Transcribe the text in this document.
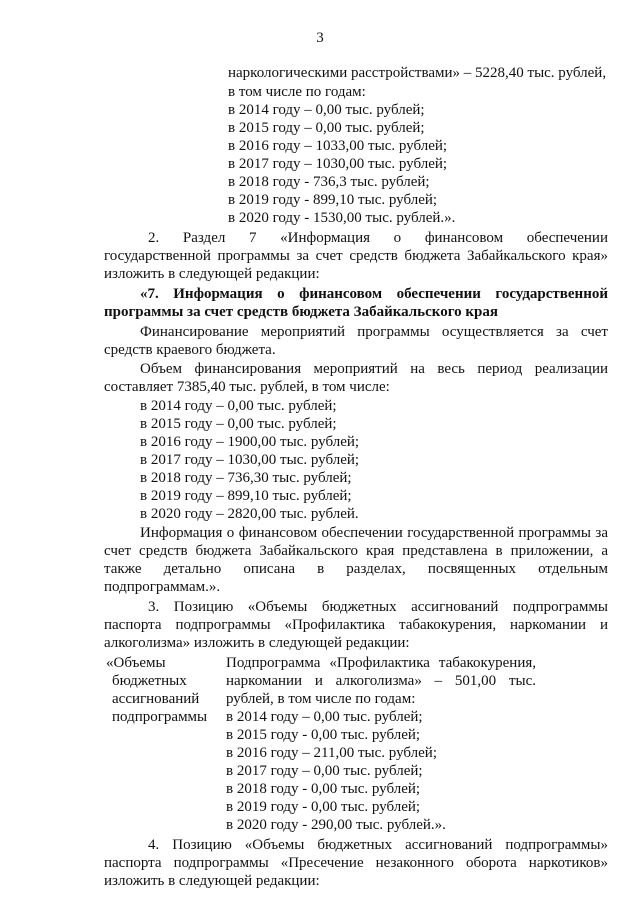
3
наркологическими расстройствами» – 5228,40 тыс. рублей,
в том числе по годам:
в 2014 году – 0,00 тыс. рублей;
в 2015 году – 0,00 тыс. рублей;
в 2016 году – 1033,00 тыс. рублей;
в 2017 году – 1030,00 тыс. рублей;
в 2018 году - 736,3 тыс. рублей;
в 2019 году - 899,10 тыс. рублей;
в 2020 году - 1530,00 тыс. рублей.».
2. Раздел 7 «Информация о финансовом обеспечении
государственной программы за счет средств бюджета Забайкальского края»
изложить в следующей редакции:
«7. Информация о финансовом обеспечении государственной
программы за счет средств бюджета Забайкальского края
Финансирование мероприятий программы осуществляется за счет
средств краевого бюджета.
Объем финансирования мероприятий на весь период реализации
составляет 7385,40 тыс. рублей, в том числе:
в 2014 году – 0,00 тыс. рублей;
в 2015 году – 0,00 тыс. рублей;
в 2016 году – 1900,00 тыс. рублей;
в 2017 году – 1030,00 тыс. рублей;
в 2018 году – 736,30 тыс. рублей;
в 2019 году – 899,10 тыс. рублей;
в 2020 году – 2820,00 тыс. рублей.
Информация о финансовом обеспечении государственной программы за
счет средств бюджета Забайкальского края представлена в приложении, а
также детально описана в разделах, посвященных отдельным
подпрограммам.».
3. Позицию «Объемы бюджетных ассигнований подпрограммы
паспорта подпрограммы «Профилактика табакокурения, наркомании и
алкоголизма» изложить в следующей редакции:
«Объемы
бюджетных
ассигнований
подпрограммы
Подпрограмма «Профилактика табакокурения,
наркомании и алкоголизма» – 501,00 тыс.
рублей, в том числе по годам:
в 2014 году – 0,00 тыс. рублей;
в 2015 году - 0,00 тыс. рублей;
в 2016 году – 211,00 тыс. рублей;
в 2017 году – 0,00 тыс. рублей;
в 2018 году - 0,00 тыс. рублей;
в 2019 году - 0,00 тыс. рублей;
в 2020 году - 290,00 тыс. рублей.».
4. Позицию «Объемы бюджетных ассигнований подпрограммы»
паспорта подпрограммы «Пресечение незаконного оборота наркотиков»
изложить в следующей редакции:
